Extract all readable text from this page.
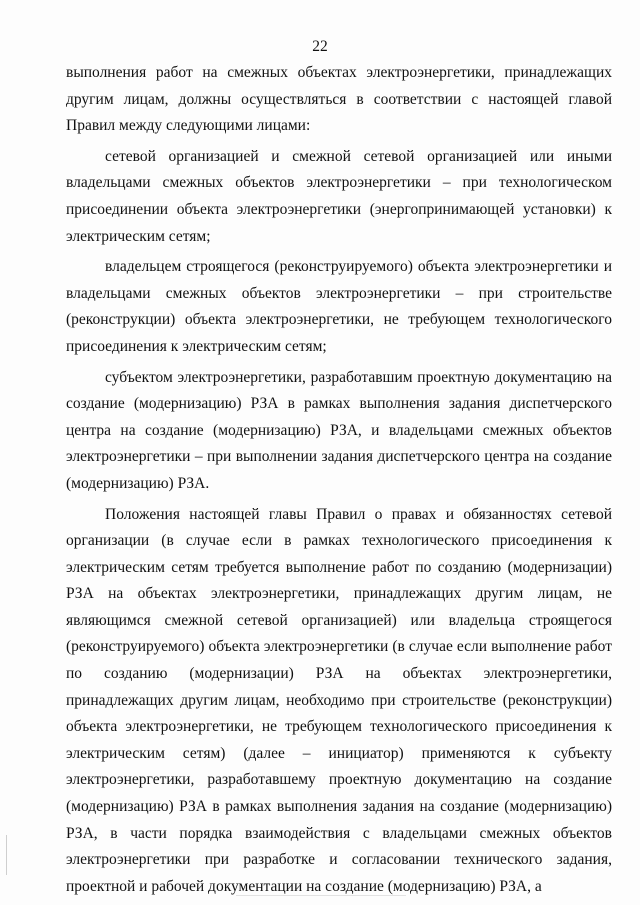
22

выполнения работ на смежных объектах электроэнергетики, принадлежащих другим лицам, должны осуществляться в соответствии с настоящей главой Правил между следующими лицами:

сетевой организацией и смежной сетевой организацией или иными владельцами смежных объектов электроэнергетики – при технологическом присоединении объекта электроэнергетики (энергопринимающей установки) к электрическим сетям;

владельцем строящегося (реконструируемого) объекта электроэнергетики и владельцами смежных объектов электроэнергетики – при строительстве (реконструкции) объекта электроэнергетики, не требующем технологического присоединения к электрическим сетям;

субъектом электроэнергетики, разработавшим проектную документацию на создание (модернизацию) РЗА в рамках выполнения задания диспетчерского центра на создание (модернизацию) РЗА, и владельцами смежных объектов электроэнергетики – при выполнении задания диспетчерского центра на создание (модернизацию) РЗА.

Положения настоящей главы Правил о правах и обязанностях сетевой организации (в случае если в рамках технологического присоединения к электрическим сетям требуется выполнение работ по созданию (модернизации) РЗА на объектах электроэнергетики, принадлежащих другим лицам, не являющимся смежной сетевой организацией) или владельца строящегося (реконструируемого) объекта электроэнергетики (в случае если выполнение работ по созданию (модернизации) РЗА на объектах электроэнергетики, принадлежащих другим лицам, необходимо при строительстве (реконструкции) объекта электроэнергетики, не требующем технологического присоединения к электрическим сетям) (далее – инициатор) применяются к субъекту электроэнергетики, разработавшему проектную документацию на создание (модернизацию) РЗА в рамках выполнения задания на создание (модернизацию) РЗА, в части порядка взаимодействия с владельцами смежных объектов электроэнергетики при разработке и согласовании технического задания, проектной и рабочей документации на создание (модернизацию) РЗА, а
